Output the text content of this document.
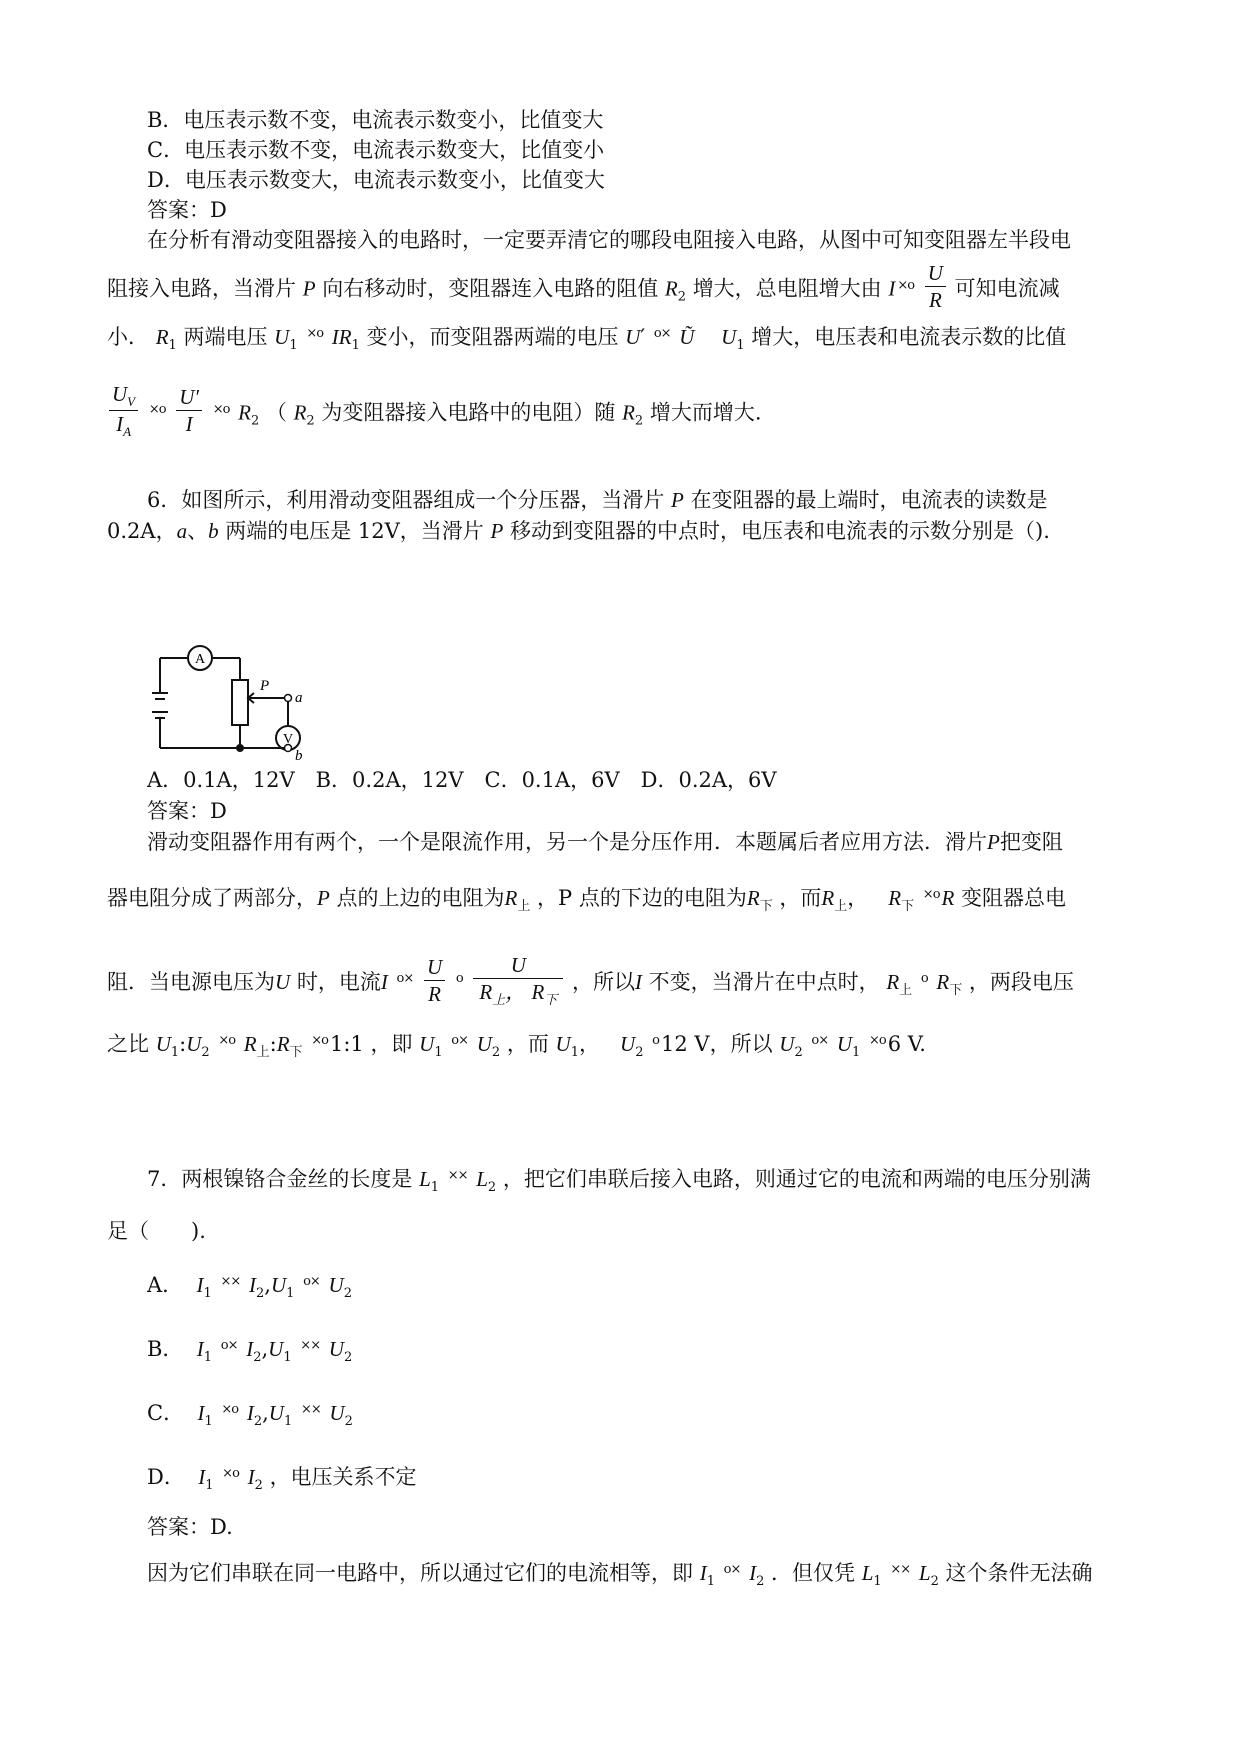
B．电压表示数不变，电流表示数变小，比值变大
C．电压表示数不变，电流表示数变大，比值变小
D．电压表示数变大，电流表示数变小，比值变大
答案：D
在分析有滑动变阻器接入的电路时，一定要弄清它的哪段电阻接入电路，从图中可知变阻器左半段电
阻接入电路，当滑片 P 向右移动时，变阻器连入电路的阻值 $R_2$ 增大，总电阻增大由 I $^{\times o} \frac{U}{R}$ 可知电流减
小． $R_1$ 两端电压 $U_1$ $^{\times o}$ $IR_1$ 变小，而变阻器两端的电压 U′ $^{o\times}$ Ũ $U_1$ 增大，电压表和电流表示数的比值
$\frac{U_V}{I_A} ^{\times o} \frac{U'}{I} ^{\times o}$ $R_2$ （ $R_2$ 为变阻器接入电路中的电阻）随 $R_2$ 增大而增大.
6．如图所示，利用滑动变阻器组成一个分压器，当滑片 P 在变阻器的最上端时，电流表的读数是
0.2A，a、b 两端的电压是 12V，当滑片 P 移动到变阻器的中点时，电压表和电流表的示数分别是（).
A
V
P
a
b
A．0.1A，12V　B．0.2A，12V　C．0.1A，6V　D．0.2A，6V
答案：D
滑动变阻器作用有两个，一个是限流作用，另一个是分压作用．本题属后者应用方法．滑片P把变阻
器电阻分成了两部分，P 点的上边的电阻为$R_上$ ，P 点的下边的电阻为$R_下$ ，而$R_上$， $R_下$ $^{\times o}$R 变阻器总电
阻．当电源电压为U 时，电流I $^{o\times} \frac{U}{R} ^o \frac{U}{R_上, R_下}$ ，所以I 不变，当滑片在中点时， $R_上$ $^o$ $R_下$ ，两段电压
之比 $U_1:U_2$ $^{\times o}$ $R_上:R_下$ $^{\times o}$1:1 ，即 $U_1$ $^{o\times}$ $U_2$ ，而 $U_1$， $U_2$ $^o$12 V，所以 $U_2$ $^{o\times}$ $U_1$ $^{\times o}$6 V.
7．两根镍铬合金丝的长度是 $L_1$ ×× $L_2$ ，把它们串联后接入电路，则通过它的电流和两端的电压分别满
足（　　).
A． $I_1$ ×× $I_2,U_1$ $^{o\times}$ $U_2$
B． $I_1$ $^{o\times}$ $I_2,U_1$ ×× $U_2$
C． $I_1$ $^{\times o}$ $I_2,U_1$ ×× $U_2$
D． $I_1$ $^{\times o}$ $I_2$ ，电压关系不定
答案：D.
因为它们串联在同一电路中，所以通过它们的电流相等，即 $I_1$ $^{o\times}$ $I_2$ ．但仅凭 $L_1$ ×× $L_2$ 这个条件无法确
